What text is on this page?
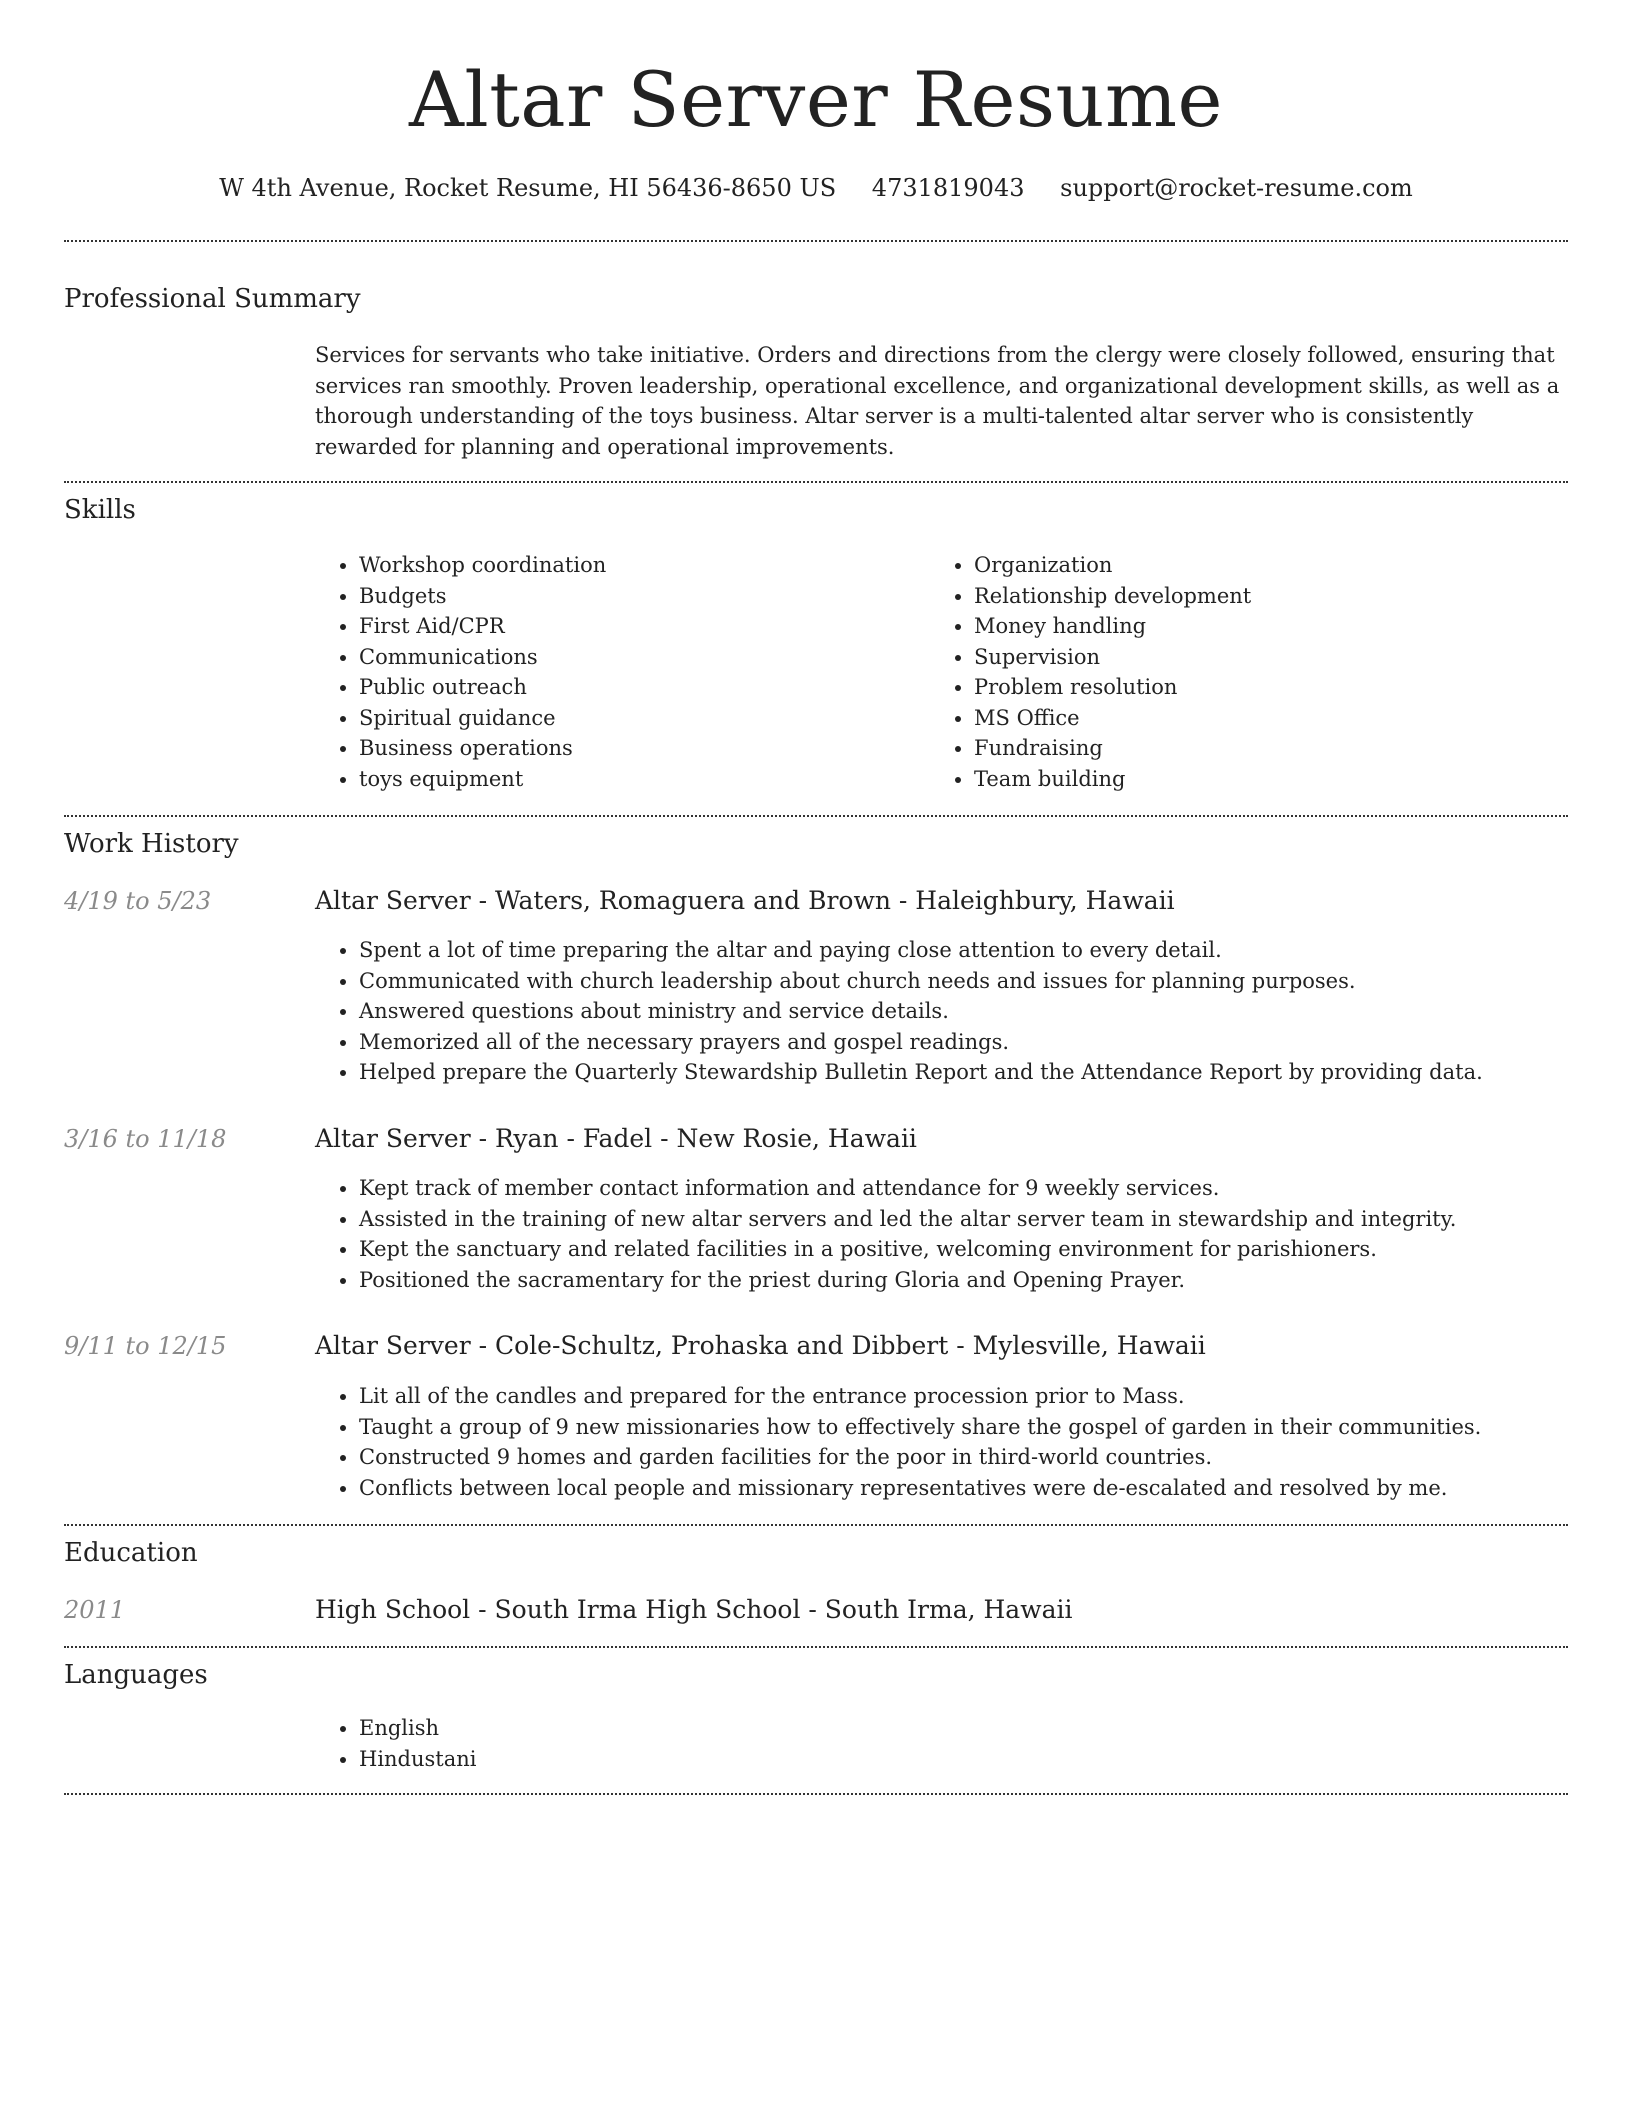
Altar Server Resume
W 4th Avenue, Rocket Resume, HI 56436-8650 US 4731819043 support@rocket-resume.com
Professional Summary
Services for servants who take initiative. Orders and directions from the clergy were closely followed, ensuring that services ran smoothly. Proven leadership, operational excellence, and organizational development skills, as well as a thorough understanding of the toys business. Altar server is a multi-talented altar server who is consistently rewarded for planning and operational improvements.
Skills
• Workshop coordination
• Budgets
• First Aid/CPR
• Communications
• Public outreach
• Spiritual guidance
• Business operations
• toys equipment
• Organization
• Relationship development
• Money handling
• Supervision
• Problem resolution
• MS Office
• Fundraising
• Team building
Work History
4/19 to 5/23	Altar Server - Waters, Romaguera and Brown - Haleighbury, Hawaii
• Spent a lot of time preparing the altar and paying close attention to every detail.
• Communicated with church leadership about church needs and issues for planning purposes.
• Answered questions about ministry and service details.
• Memorized all of the necessary prayers and gospel readings.
• Helped prepare the Quarterly Stewardship Bulletin Report and the Attendance Report by providing data.
3/16 to 11/18	Altar Server - Ryan - Fadel - New Rosie, Hawaii
• Kept track of member contact information and attendance for 9 weekly services.
• Assisted in the training of new altar servers and led the altar server team in stewardship and integrity.
• Kept the sanctuary and related facilities in a positive, welcoming environment for parishioners.
• Positioned the sacramentary for the priest during Gloria and Opening Prayer.
9/11 to 12/15	Altar Server - Cole-Schultz, Prohaska and Dibbert - Mylesville, Hawaii
• Lit all of the candles and prepared for the entrance procession prior to Mass.
• Taught a group of 9 new missionaries how to effectively share the gospel of garden in their communities.
• Constructed 9 homes and garden facilities for the poor in third-world countries.
• Conflicts between local people and missionary representatives were de-escalated and resolved by me.
Education
2011	High School - South Irma High School - South Irma, Hawaii
Languages
• English
• Hindustani
